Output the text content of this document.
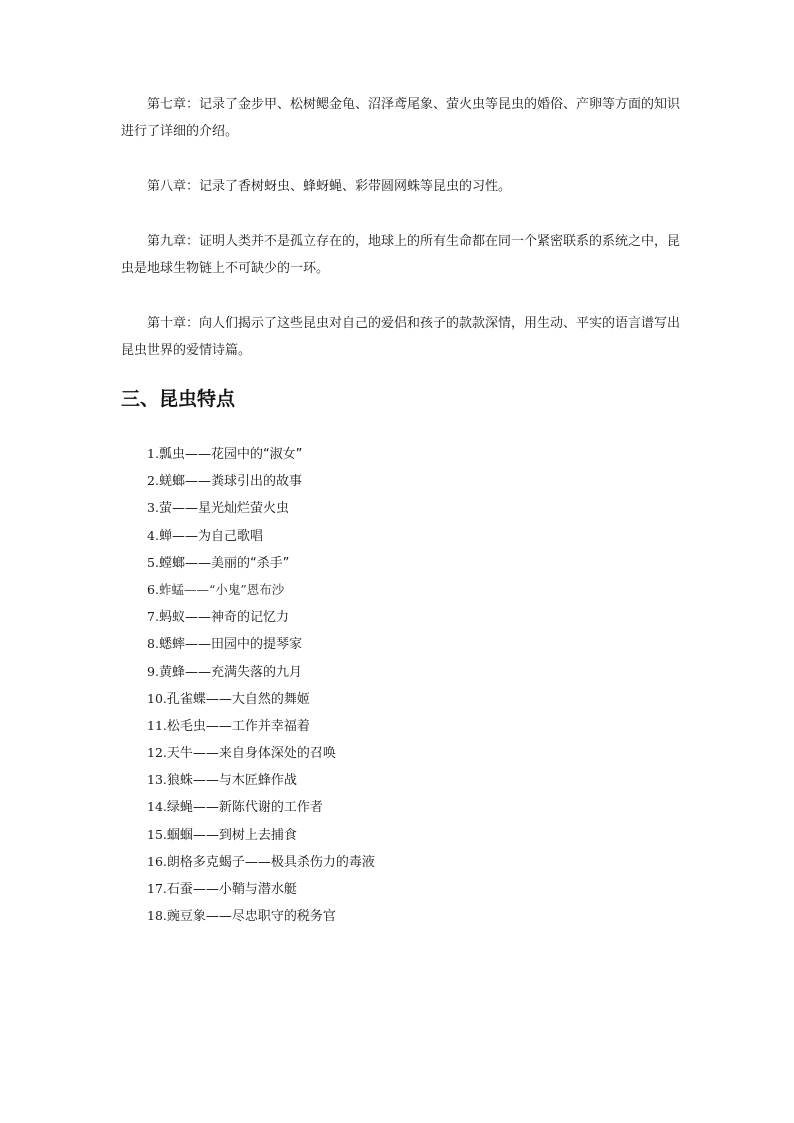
第七章：记录了金步甲、松树鳃金龟、沼泽鸢尾象、萤火虫等昆虫的婚俗、产卵等方面的知识进行了详细的介绍。

第八章：记录了香树蚜虫、蜂蚜蝇、彩带圆网蛛等昆虫的习性。

第九章：证明人类并不是孤立存在的，地球上的所有生命都在同一个紧密联系的系统之中，昆虫是地球生物链上不可缺少的一环。

第十章：向人们揭示了这些昆虫对自己的爱侣和孩子的款款深情，用生动、平实的语言谱写出昆虫世界的爱情诗篇。

三、昆虫特点
1.瓢虫——花园中的“淑女”
2.蜣螂——粪球引出的故事
3.萤——星光灿烂萤火虫
4.蝉——为自己歌唱
5.螳螂——美丽的“杀手”
6.蚱蜢——“小鬼”恩布沙
7.蚂蚁——神奇的记忆力
8.蟋蟀——田园中的提琴家
9.黄蜂——充满失落的九月
10.孔雀蝶——大自然的舞姬
11.松毛虫——工作并幸福着
12.天牛——来自身体深处的召唤
13.狼蛛——与木匠蜂作战
14.绿蝇——新陈代谢的工作者
15.蝈蝈——到树上去捕食
16.朗格多克蝎子——极具杀伤力的毒液
17.石蚕——小鞘与潜水艇
18.豌豆象——尽忠职守的税务官
